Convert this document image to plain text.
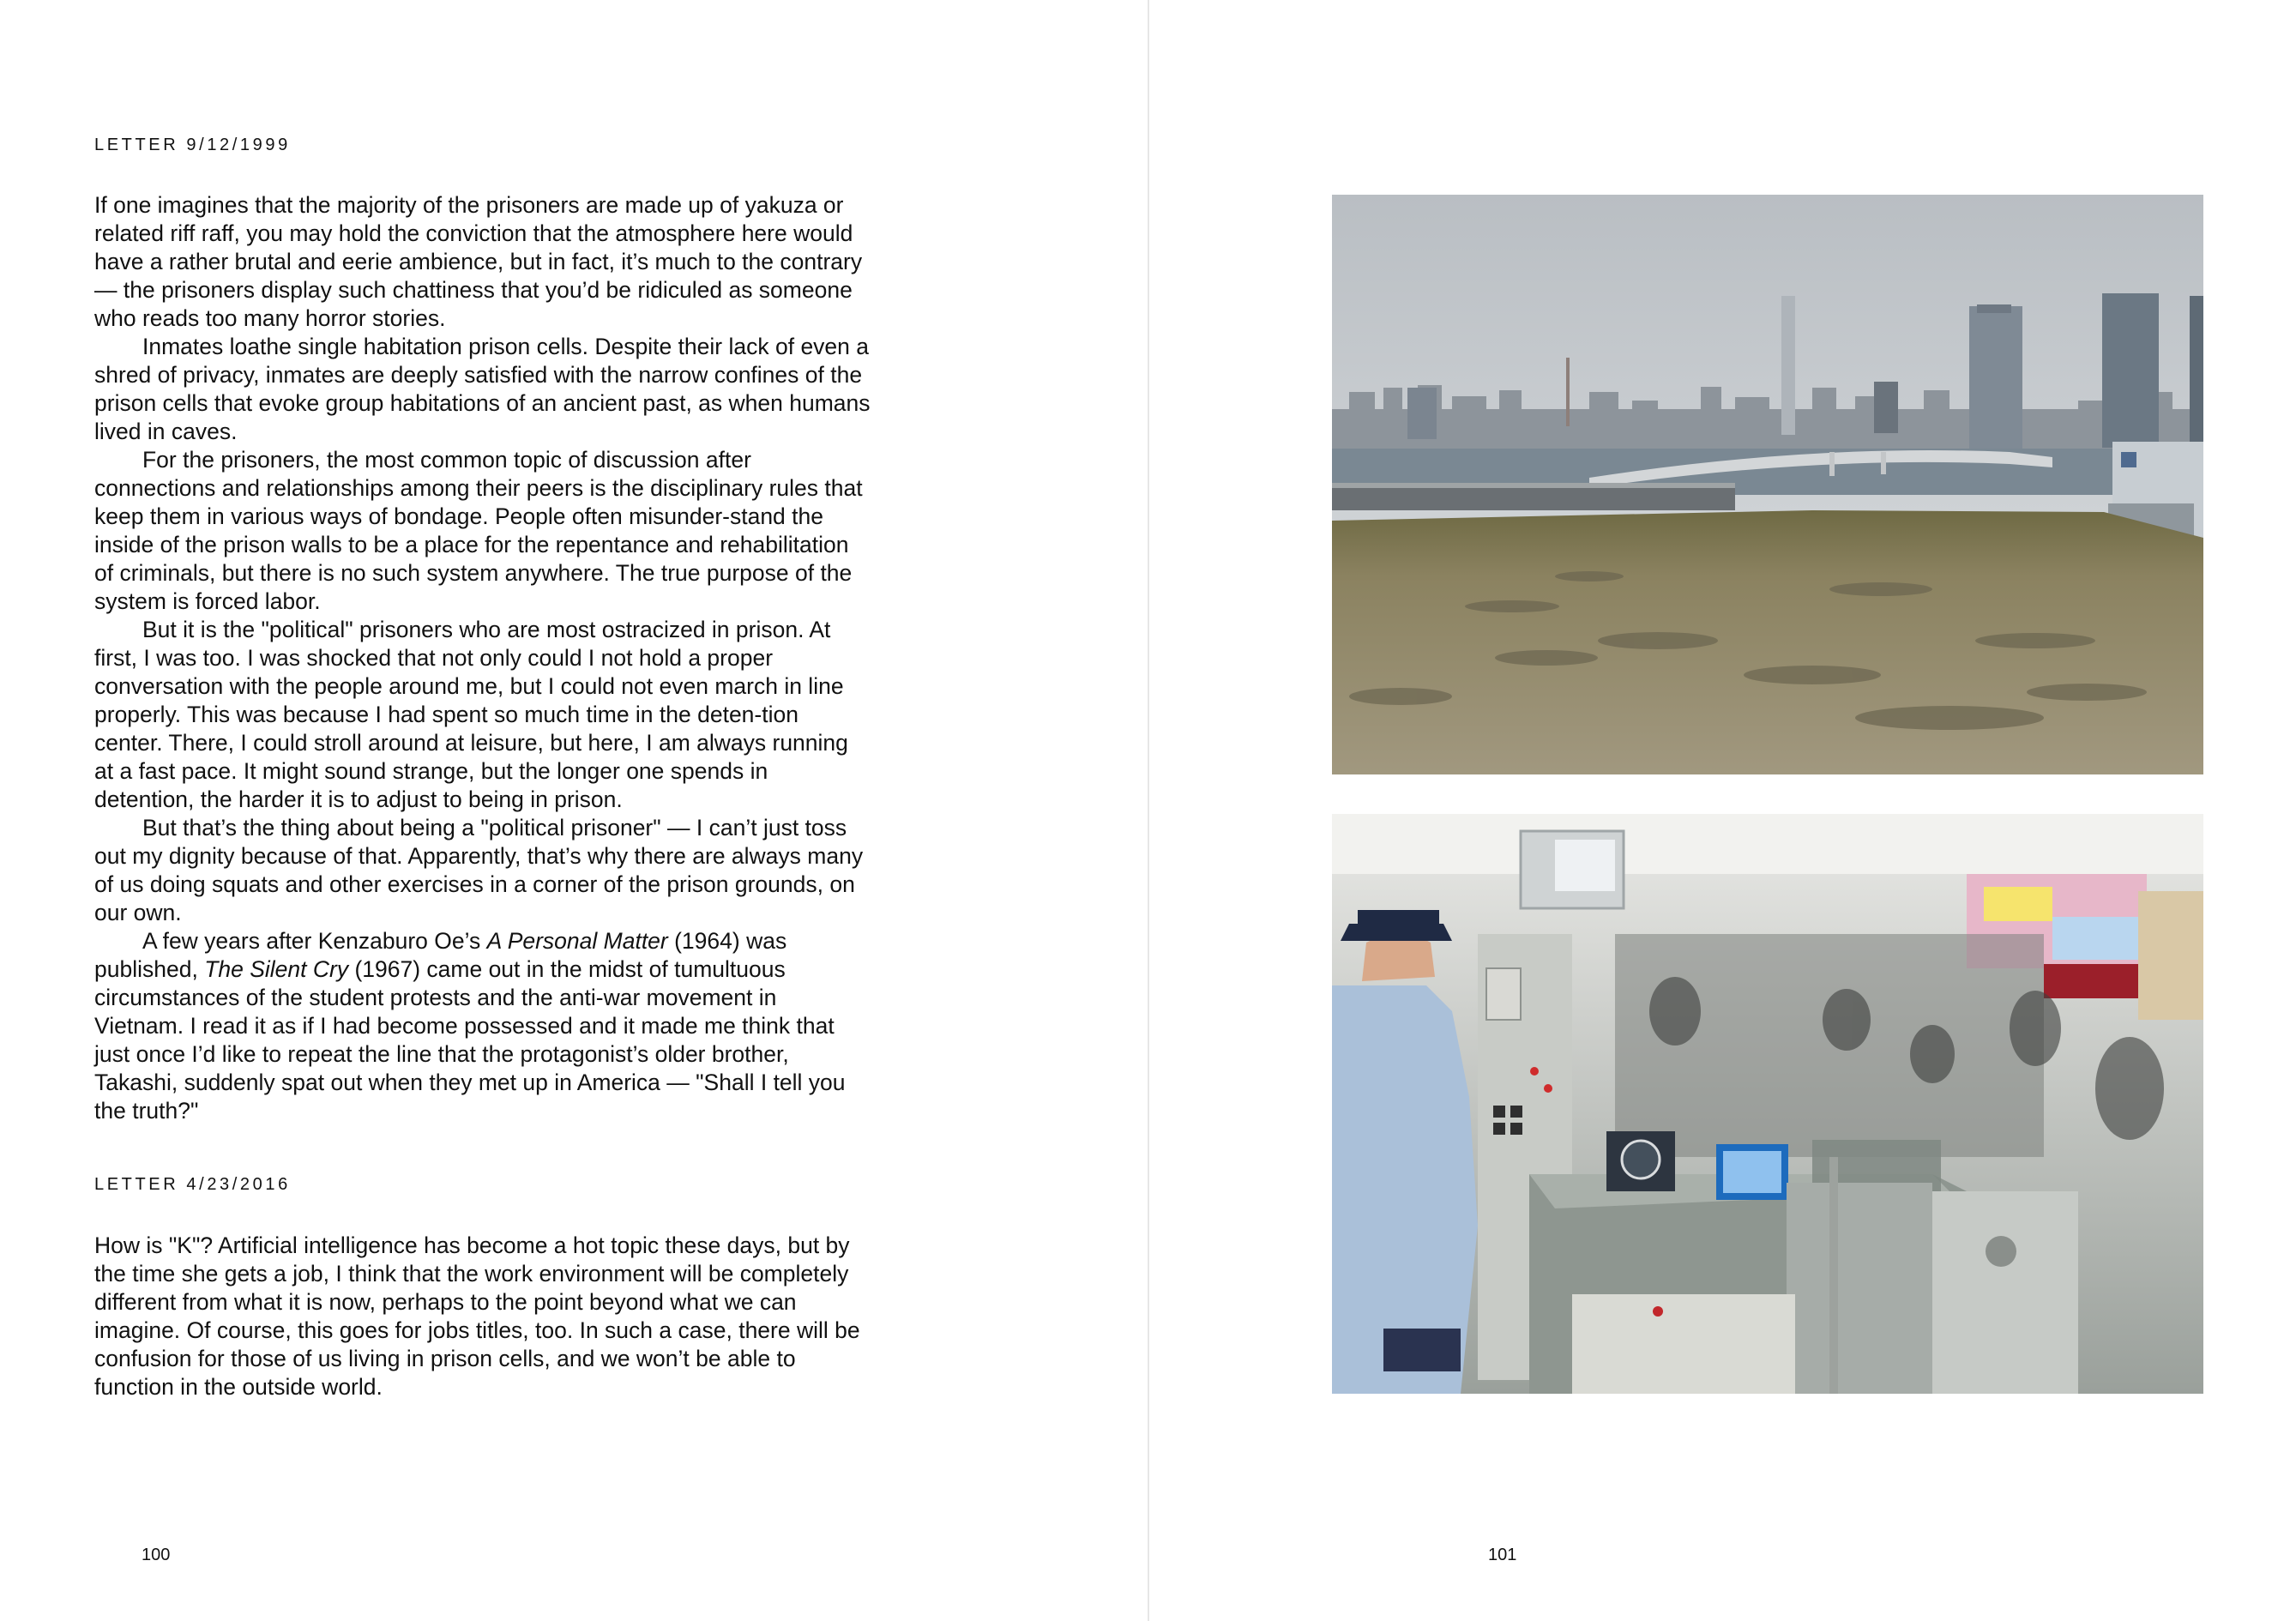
LETTER 9/12/1999

If one imagines that the majority of the prisoners are made up of yakuza or related riff raff, you may hold the conviction that the atmosphere here would have a rather brutal and eerie ambience, but in fact, it’s much to the contrary — the prisoners display such chattiness that you’d be ridiculed as someone who reads too many horror stories.

Inmates loathe single habitation prison cells. Despite their lack of even a shred of privacy, inmates are deeply satisfied with the narrow confines of the prison cells that evoke group habitations of an ancient past, as when humans lived in caves.

For the prisoners, the most common topic of discussion after connections and relationships among their peers is the disciplinary rules that keep them in various ways of bondage. People often misunder-stand the inside of the prison walls to be a place for the repentance and rehabilitation of criminals, but there is no such system anywhere. The true purpose of the system is forced labor.

But it is the "political" prisoners who are most ostracized in prison. At first, I was too. I was shocked that not only could I not hold a proper conversation with the people around me, but I could not even march in line properly. This was because I had spent so much time in the deten-tion center. There, I could stroll around at leisure, but here, I am always running at a fast pace. It might sound strange, but the longer one spends in detention, the harder it is to adjust to being in prison.

But that’s the thing about being a "political prisoner" — I can’t just toss out my dignity because of that. Apparently, that’s why there are always many of us doing squats and other exercises in a corner of the prison grounds, on our own.

A few years after Kenzaburo Oe’s A Personal Matter (1964) was published, The Silent Cry (1967) came out in the midst of tumultuous circumstances of the student protests and the anti-war movement in Vietnam. I read it as if I had become possessed and it made me think that just once I’d like to repeat the line that the protagonist’s older brother, Takashi, suddenly spat out when they met up in America — "Shall I tell you the truth?"

LETTER 4/23/2016

How is "K"? Artificial intelligence has become a hot topic these days, but by the time she gets a job, I think that the work environment will be completely different from what it is now, perhaps to the point beyond what we can imagine. Of course, this goes for jobs titles, too. In such a case, there will be confusion for those of us living in prison cells, and we won’t be able to function in the outside world.

100	101
